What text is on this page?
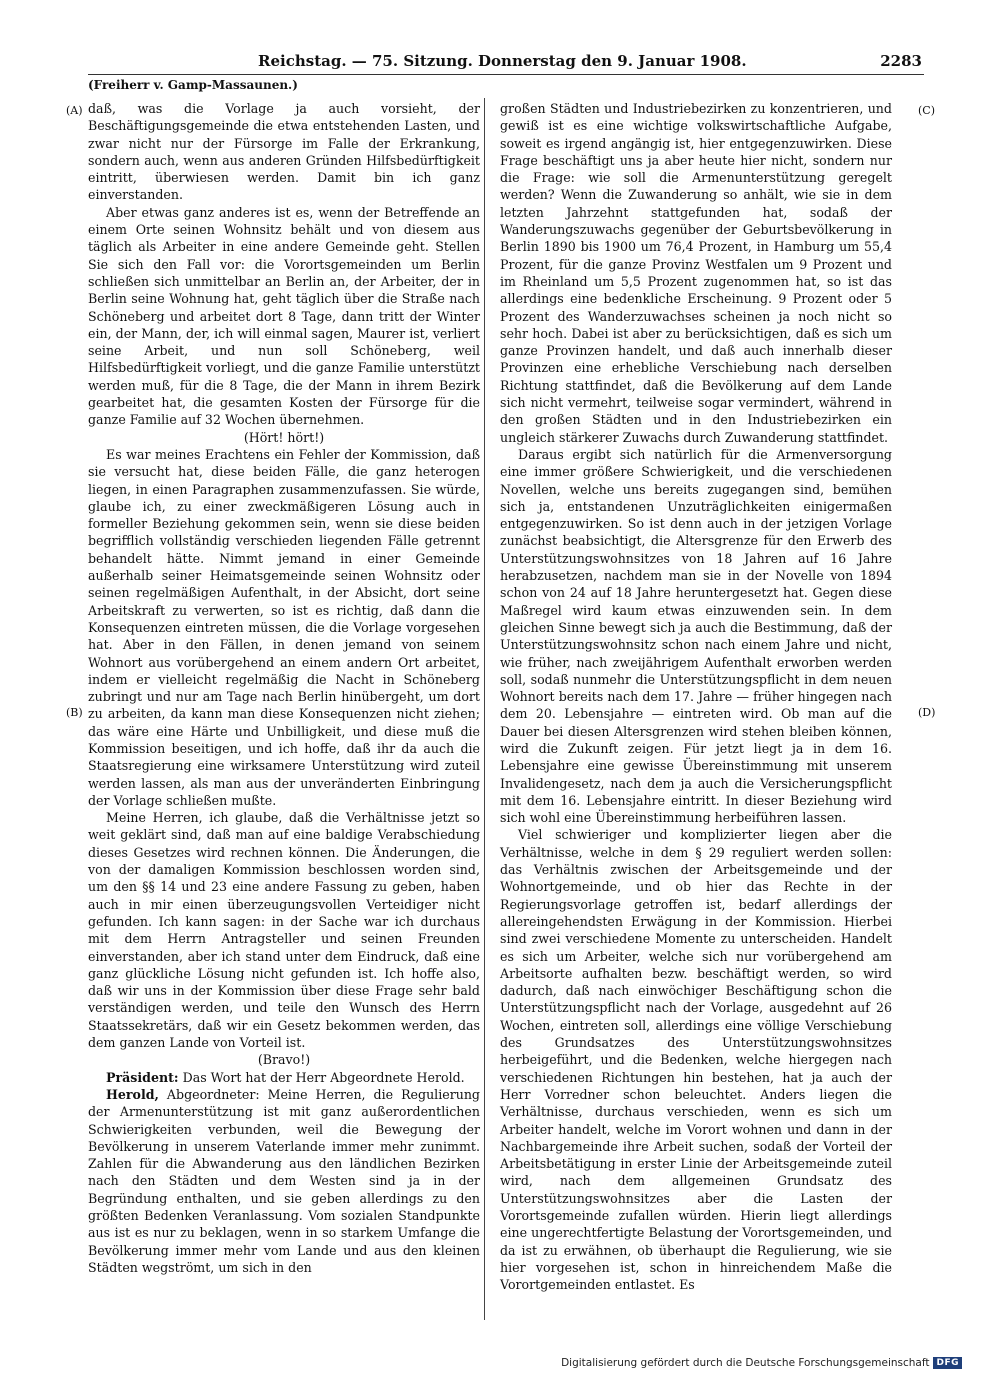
Reichstag. — 75. Sitzung. Donnerstag den 9. Januar 1908.	2283
(Freiherr v. Gamp-Massaunen.)
(A)
(B)
(C)
(D)

daß, was die Vorlage ja auch vorsieht, der Beschäftigungsgemeinde die etwa entstehenden Lasten, und zwar nicht nur der Fürsorge im Falle der Erkrankung, sondern auch, wenn aus anderen Gründen Hilfsbedürftigkeit eintritt, überwiesen werden. Damit bin ich ganz einverstanden.

Aber etwas ganz anderes ist es, wenn der Betreffende an einem Orte seinen Wohnsitz behält und von diesem aus täglich als Arbeiter in eine andere Gemeinde geht. Stellen Sie sich den Fall vor: die Vorortsgemeinden um Berlin schließen sich unmittelbar an Berlin an, der Arbeiter, der in Berlin seine Wohnung hat, geht täglich über die Straße nach Schöneberg und arbeitet dort 8 Tage, dann tritt der Winter ein, der Mann, der, ich will einmal sagen, Maurer ist, verliert seine Arbeit, und nun soll Schöneberg, weil Hilfsbedürftigkeit vorliegt, und die ganze Familie unterstützt werden muß, für die 8 Tage, die der Mann in ihrem Bezirk gearbeitet hat, die gesamten Kosten der Fürsorge für die ganze Familie auf 32 Wochen übernehmen.

(Hört! hört!)

Es war meines Erachtens ein Fehler der Kommission, daß sie versucht hat, diese beiden Fälle, die ganz heterogen liegen, in einen Paragraphen zusammenzufassen. Sie würde, glaube ich, zu einer zweckmäßigeren Lösung auch in formeller Beziehung gekommen sein, wenn sie diese beiden begrifflich vollständig verschieden liegenden Fälle getrennt behandelt hätte. Nimmt jemand in einer Gemeinde außerhalb seiner Heimatsgemeinde seinen Wohnsitz oder seinen regelmäßigen Aufenthalt, in der Absicht, dort seine Arbeitskraft zu verwerten, so ist es richtig, daß dann die Konsequenzen eintreten müssen, die die Vorlage vorgesehen hat. Aber in den Fällen, in denen jemand von seinem Wohnort aus vorübergehend an einem andern Ort arbeitet, indem er vielleicht regelmäßig die Nacht in Schöneberg zubringt und nur am Tage nach Berlin hinübergeht, um dort zu arbeiten, da kann man diese Konsequenzen nicht ziehen; das wäre eine Härte und Unbilligkeit, und diese muß die Kommission beseitigen, und ich hoffe, daß ihr da auch die Staatsregierung eine wirksamere Unterstützung wird zuteil werden lassen, als man aus der unveränderten Einbringung der Vorlage schließen mußte.

Meine Herren, ich glaube, daß die Verhältnisse jetzt so weit geklärt sind, daß man auf eine baldige Verabschiedung dieses Gesetzes wird rechnen können. Die Änderungen, die von der damaligen Kommission beschlossen worden sind, um den §§ 14 und 23 eine andere Fassung zu geben, haben auch in mir einen überzeugungsvollen Verteidiger nicht gefunden. Ich kann sagen: in der Sache war ich durchaus mit dem Herrn Antragsteller und seinen Freunden einverstanden, aber ich stand unter dem Eindruck, daß eine ganz glückliche Lösung nicht gefunden ist. Ich hoffe also, daß wir uns in der Kommission über diese Frage sehr bald verständigen werden, und teile den Wunsch des Herrn Staatssekretärs, daß wir ein Gesetz bekommen werden, das dem ganzen Lande von Vorteil ist.

(Bravo!)

Präsident: Das Wort hat der Herr Abgeordnete Herold.

Herold, Abgeordneter: Meine Herren, die Regulierung der Armenunterstützung ist mit ganz außerordentlichen Schwierigkeiten verbunden, weil die Bewegung der Bevölkerung in unserem Vaterlande immer mehr zunimmt. Zahlen für die Abwanderung aus den ländlichen Bezirken nach den Städten und dem Westen sind ja in der Begründung enthalten, und sie geben allerdings zu den größten Bedenken Veranlassung. Vom sozialen Standpunkte aus ist es nur zu beklagen, wenn in so starkem Umfange die Bevölkerung immer mehr vom Lande und aus den kleinen Städten wegströmt, um sich in den

großen Städten und Industriebezirken zu konzentrieren, und gewiß ist es eine wichtige volkswirtschaftliche Aufgabe, soweit es irgend angängig ist, hier entgegenzuwirken. Diese Frage beschäftigt uns ja aber heute hier nicht, sondern nur die Frage: wie soll die Armenunterstützung geregelt werden? Wenn die Zuwanderung so anhält, wie sie in dem letzten Jahrzehnt stattgefunden hat, sodaß der Wanderungszuwachs gegenüber der Geburtsbevölkerung in Berlin 1890 bis 1900 um 76,4 Prozent, in Hamburg um 55,4 Prozent, für die ganze Provinz Westfalen um 9 Prozent und im Rheinland um 5,5 Prozent zugenommen hat, so ist das allerdings eine bedenkliche Erscheinung. 9 Prozent oder 5 Prozent des Wanderzuwachses scheinen ja noch nicht so sehr hoch. Dabei ist aber zu berücksichtigen, daß es sich um ganze Provinzen handelt, und daß auch innerhalb dieser Provinzen eine erhebliche Verschiebung nach derselben Richtung stattfindet, daß die Bevölkerung auf dem Lande sich nicht vermehrt, teilweise sogar vermindert, während in den großen Städten und in den Industriebezirken ein ungleich stärkerer Zuwachs durch Zuwanderung stattfindet.

Daraus ergibt sich natürlich für die Armenversorgung eine immer größere Schwierigkeit, und die verschiedenen Novellen, welche uns bereits zugegangen sind, bemühen sich ja, entstandenen Unzuträglichkeiten einigermaßen entgegenzuwirken. So ist denn auch in der jetzigen Vorlage zunächst beabsichtigt, die Altersgrenze für den Erwerb des Unterstützungswohnsitzes von 18 Jahren auf 16 Jahre herabzusetzen, nachdem man sie in der Novelle von 1894 schon von 24 auf 18 Jahre heruntergesetzt hat. Gegen diese Maßregel wird kaum etwas einzuwenden sein. In dem gleichen Sinne bewegt sich ja auch die Bestimmung, daß der Unterstützungswohnsitz schon nach einem Jahre und nicht, wie früher, nach zweijährigem Aufenthalt erworben werden soll, sodaß nunmehr die Unterstützungspflicht in dem neuen Wohnort bereits nach dem 17. Jahre — früher hingegen nach dem 20. Lebensjahre — eintreten wird. Ob man auf die Dauer bei diesen Altersgrenzen wird stehen bleiben können, wird die Zukunft zeigen. Für jetzt liegt ja in dem 16. Lebensjahre eine gewisse Übereinstimmung mit unserem Invalidengesetz, nach dem ja auch die Versicherungspflicht mit dem 16. Lebensjahre eintritt. In dieser Beziehung wird sich wohl eine Übereinstimmung herbeiführen lassen.

Viel schwieriger und komplizierter liegen aber die Verhältnisse, welche in dem § 29 reguliert werden sollen: das Verhältnis zwischen der Arbeitsgemeinde und der Wohnortgemeinde, und ob hier das Rechte in der Regierungsvorlage getroffen ist, bedarf allerdings der allereingehendsten Erwägung in der Kommission. Hierbei sind zwei verschiedene Momente zu unterscheiden. Handelt es sich um Arbeiter, welche sich nur vorübergehend am Arbeitsorte aufhalten bezw. beschäftigt werden, so wird dadurch, daß nach einwöchiger Beschäftigung schon die Unterstützungspflicht nach der Vorlage, ausgedehnt auf 26 Wochen, eintreten soll, allerdings eine völlige Verschiebung des Grundsatzes des Unterstützungswohnsitzes herbeigeführt, und die Bedenken, welche hiergegen nach verschiedenen Richtungen hin bestehen, hat ja auch der Herr Vorredner schon beleuchtet. Anders liegen die Verhältnisse, durchaus verschieden, wenn es sich um Arbeiter handelt, welche im Vorort wohnen und dann in der Nachbargemeinde ihre Arbeit suchen, sodaß der Vorteil der Arbeitsbetätigung in erster Linie der Arbeitsgemeinde zuteil wird, nach dem allgemeinen Grundsatz des Unterstützungswohnsitzes aber die Lasten der Vorortsgemeinde zufallen würden. Hierin liegt allerdings eine ungerechtfertigte Belastung der Vorortsgemeinden, und da ist zu erwähnen, ob überhaupt die Regulierung, wie sie hier vorgesehen ist, schon in hinreichendem Maße die Vorortgemeinden entlastet. Es

Digitalisierung gefördert durch die Deutsche Forschungsgemeinschaft DFG
